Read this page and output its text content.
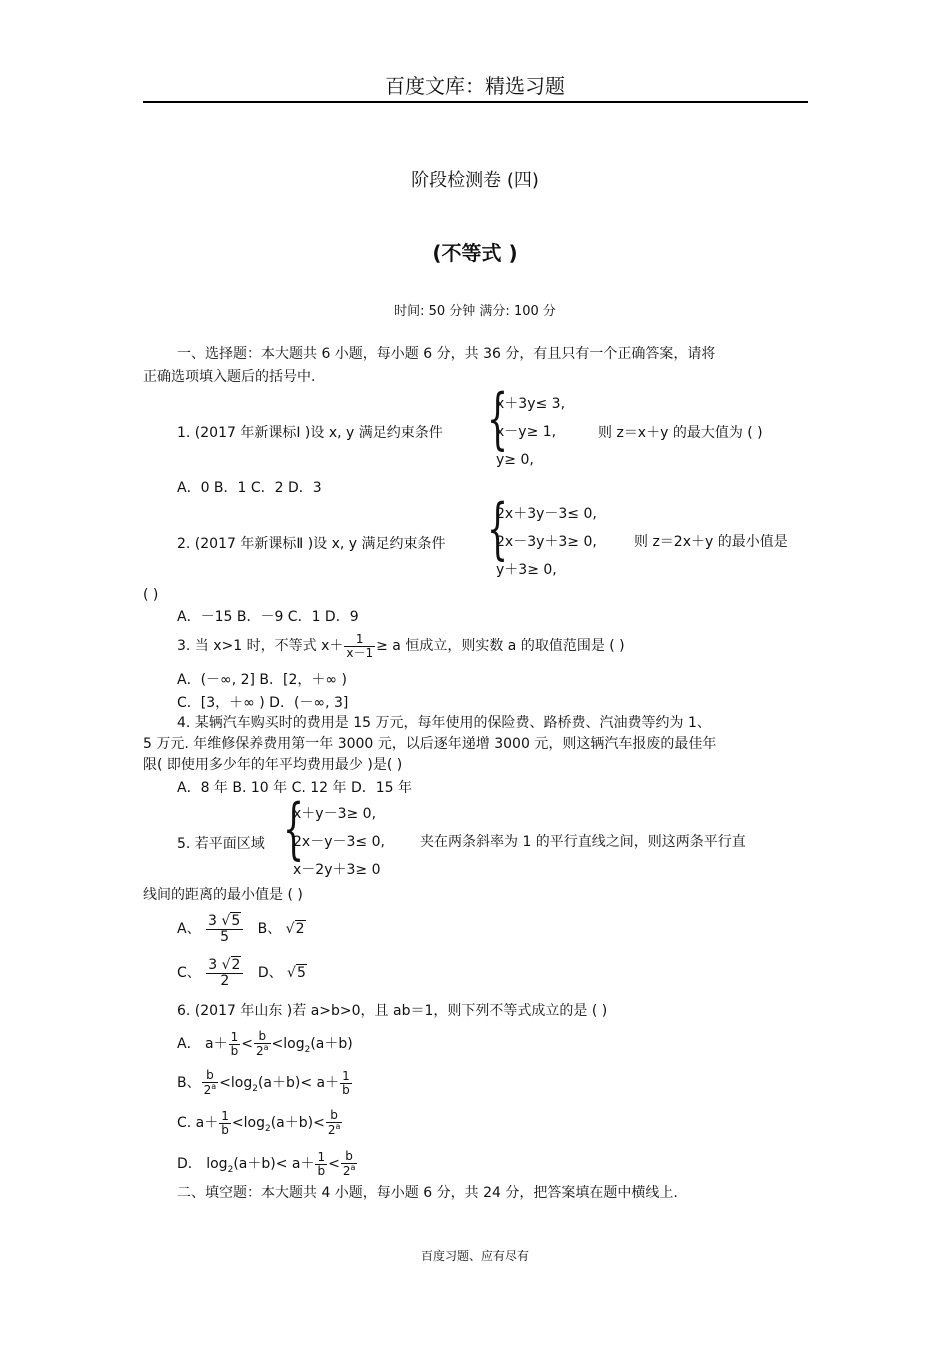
百度文库：精选习题
阶段检测卷 (四)
(不等式 )
时间: 50 分钟 满分: 100 分
一、选择题：本大题共 6 小题，每小题 6 分，共 36 分，有且只有一个正确答案，请将
正确选项填入题后的括号中.
1. (2017 年新课标Ⅰ )设 x, y 满足约束条件 {
x＋3y≤ 3,
x－y≥ 1,
y≥ 0,
则 z＝x＋y 的最大值为 ( )
A．0 B．1 C．2 D．3
2. (2017 年新课标Ⅱ )设 x, y 满足约束条件 {
2x＋3y－3≤ 0,
2x－3y＋3≥ 0,
y＋3≥ 0,
则 z＝2x＋y 的最小值是
( )
A．－15 B．－9 C．1 D．9
3. 当 x>1 时，不等式 $x+ \frac{1}{x-1} \ge a$ 恒成立，则实数 a 的取值范围是 ( )
A．(－∞, 2] B．[2，＋∞ )
C．[3，＋∞ ) D．(－∞, 3]
4. 某辆汽车购买时的费用是 15 万元，每年使用的保险费、路桥费、汽油费等约为 1、
5 万元. 年维修保养费用第一年 3000 元，以后逐年递增 3000 元，则这辆汽车报废的最佳年
限( 即使用多少年的年平均费用最少 )是( )
A．8 年 B. 10 年 C. 12 年 D．15 年
5. 若平面区域 {
x＋y－3≥ 0,
2x－y－3≤ 0,
x－2y＋3≥ 0
夹在两条斜率为 1 的平行直线之间，则这两条平行直
线间的距离的最小值是 ( )
A、 $\frac{3 √5}{5}$ B、 √2
C、 $\frac{3 √2}{2}$ D、 √5
6. (2017 年山东 )若 a>b>0，且 ab＝1，则下列不等式成立的是 ( )
A． $a+ \frac{1}{b} < \frac{b}{2^a} <\log_2(a+b)$
B、 $\frac{b}{2^a} <\log_2(a+b)< a+ \frac{1}{b}$
C. $a+ \frac{1}{b} <\log_2(a+b)< \frac{b}{2^a}$
D． $\log_2(a+b)< a+ \frac{1}{b} < \frac{b}{2^a}$
二、填空题：本大题共 4 小题，每小题 6 分，共 24 分，把答案填在题中横线上.
百度习题、应有尽有
